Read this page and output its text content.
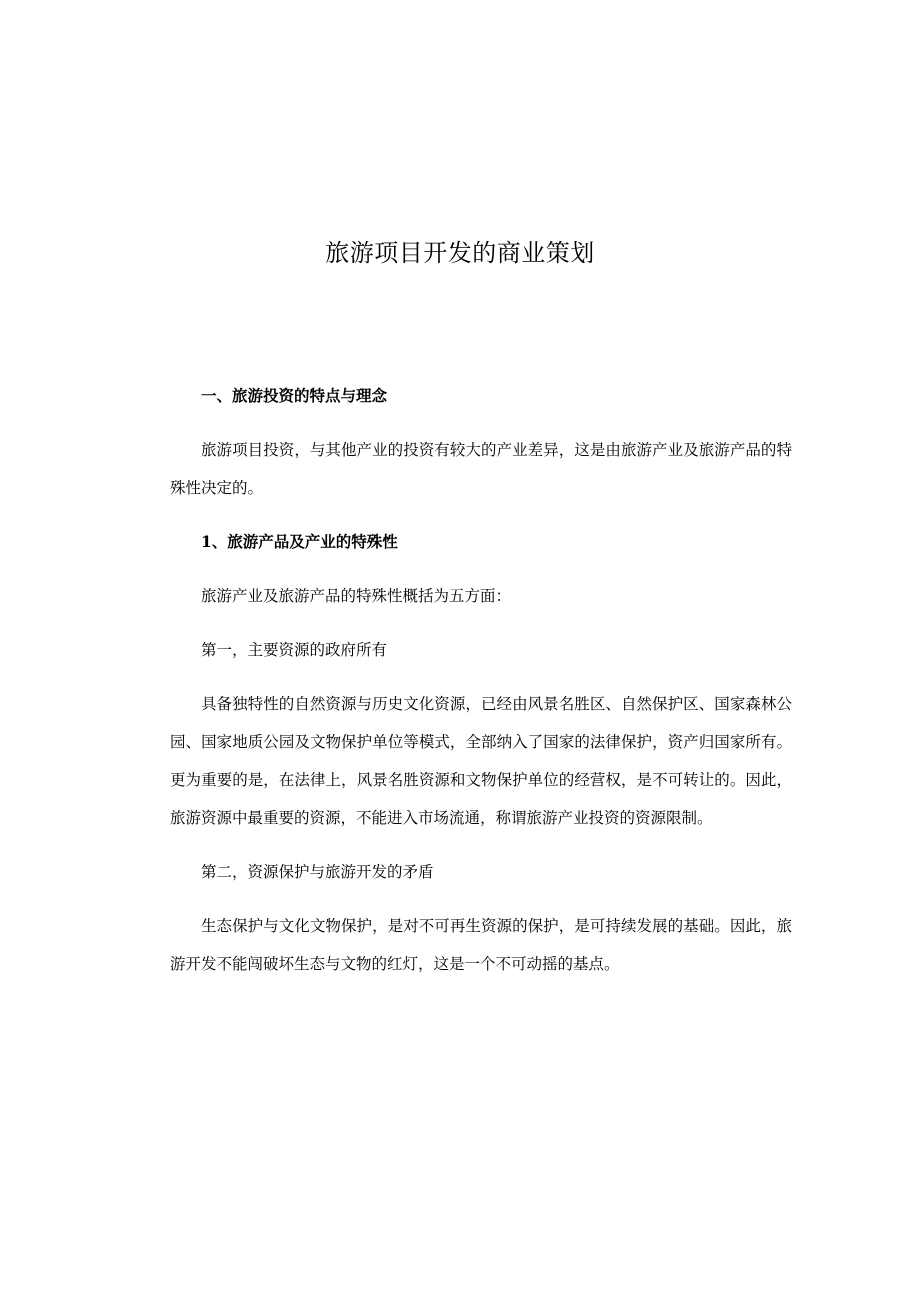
旅游项目开发的商业策划

一、旅游投资的特点与理念

旅游项目投资，与其他产业的投资有较大的产业差异，这是由旅游产业及旅游产品的特殊性决定的。

1、旅游产品及产业的特殊性

旅游产业及旅游产品的特殊性概括为五方面：

第一，主要资源的政府所有

具备独特性的自然资源与历史文化资源，已经由风景名胜区、自然保护区、国家森林公园、国家地质公园及文物保护单位等模式，全部纳入了国家的法律保护，资产归国家所有。更为重要的是，在法律上，风景名胜资源和文物保护单位的经营权，是不可转让的。因此，旅游资源中最重要的资源，不能进入市场流通，称谓旅游产业投资的资源限制。

第二，资源保护与旅游开发的矛盾

生态保护与文化文物保护，是对不可再生资源的保护，是可持续发展的基础。因此，旅游开发不能闯破坏生态与文物的红灯，这是一个不可动摇的基点。
